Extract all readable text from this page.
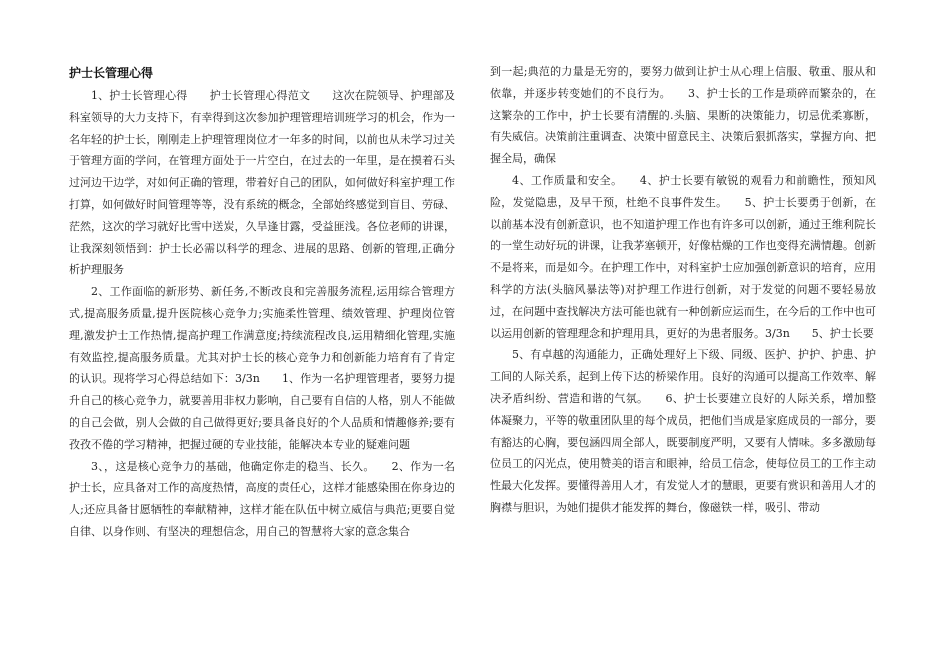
护士长管理心得

1、护士长管理心得　　护士长管理心得范文　　这次在院领导、护理部及科室领导的大力支持下，有幸得到这次参加护理管理培训班学习的机会，作为一名年轻的护士长，刚刚走上护理管理岗位才一年多的时间，以前也从未学习过关于管理方面的学问，在管理方面处于一片空白，在过去的一年里，是在摸着石头过河边干边学，对如何正确的管理，带着好自己的团队，如何做好科室护理工作打算，如何做好时间管理等等，没有系统的概念，全部始终感觉到盲目、劳碌、茫然，这次的学习就好比雪中送炭，久旱逢甘露，受益匪浅。各位老师的讲课，让我深刻领悟到：护士长必需以科学的理念、进展的思路、创新的管理,正确分析护理服务

2、工作面临的新形势、新任务,不断改良和完善服务流程,运用综合管理方式,提高服务质量,提升医院核心竞争力;实施柔性管理、绩效管理、护理岗位管理,激发护士工作热情,提高护理工作满意度;持续流程改良,运用精细化管理,实施有效监控,提高服务质量。尤其对护士长的核心竞争力和创新能力培育有了肯定的认识。现将学习心得总结如下：3/3n　　1、作为一名护理管理者，要努力提升自己的核心竞争力，就要善用非权力影响，自己要有自信的人格，别人不能做的自己会做，别人会做的自己做得更好;要具备良好的个人品质和情趣修养;要有孜孜不倦的学习精神，把握过硬的专业技能，能解决本专业的疑难问题

3、，这是核心竞争力的基础，他确定你走的稳当、长久。　　2、作为一名护士长，应具备对工作的高度热情，高度的责任心，这样才能感染围在你身边的人;还应具备甘愿牺牲的奉献精神，这样才能在队伍中树立威信与典范;更要自觉自律、以身作则、有坚决的理想信念，用自己的智慧将大家的意念集合

到一起;典范的力量是无穷的，要努力做到让护士从心理上信服、敬重、服从和依靠，并逐步转变她们的不良行为。　　3、护士长的工作是琐碎而繁杂的，在这繁杂的工作中，护士长要有清醒的.头脑、果断的决策能力，切忌优柔寡断，有失威信。决策前注重调查、决策中留意民主、决策后狠抓落实，掌握方向、把握全局，确保

4、工作质量和安全。　　4、护士长要有敏锐的观看力和前瞻性，预知风险，发觉隐患，及早干预，杜绝不良事件发生。　　5、护士长要勇于创新，在以前基本没有创新意识，也不知道护理工作也有许多可以创新，通过王维利院长的一堂生动好玩的讲课，让我茅塞顿开，好像枯燥的工作也变得充满情趣。创新不是将来，而是如今。在护理工作中，对科室护士应加强创新意识的培育，应用科学的方法(头脑风暴法等)对护理工作进行创新，对于发觉的问题不要轻易放过，在问题中查找解决方法可能也就有一种创新应运而生，在今后的工作中也可以运用创新的管理理念和护理用具，更好的为患者服务。3/3n　　5、护士长要

5、有卓越的沟通能力，正确处理好上下级、同级、医护、护护、护患、护工间的人际关系，起到上传下达的桥梁作用。良好的沟通可以提高工作效率、解决矛盾纠纷、营造和谐的气氛。　　6、护士长要建立良好的人际关系，增加整体凝聚力，平等的敬重团队里的每个成员，把他们当成是家庭成员的一部分，要有豁达的心胸，要包涵四周全部人，既要制度严明，又要有人情味。多多激励每位员工的闪光点，使用赞美的语言和眼神，给员工信念，使每位员工的工作主动性最大化发挥。要懂得善用人才，有发觉人才的慧眼，更要有赏识和善用人才的胸襟与胆识，为她们提供才能发挥的舞台，像磁铁一样，吸引、带动
